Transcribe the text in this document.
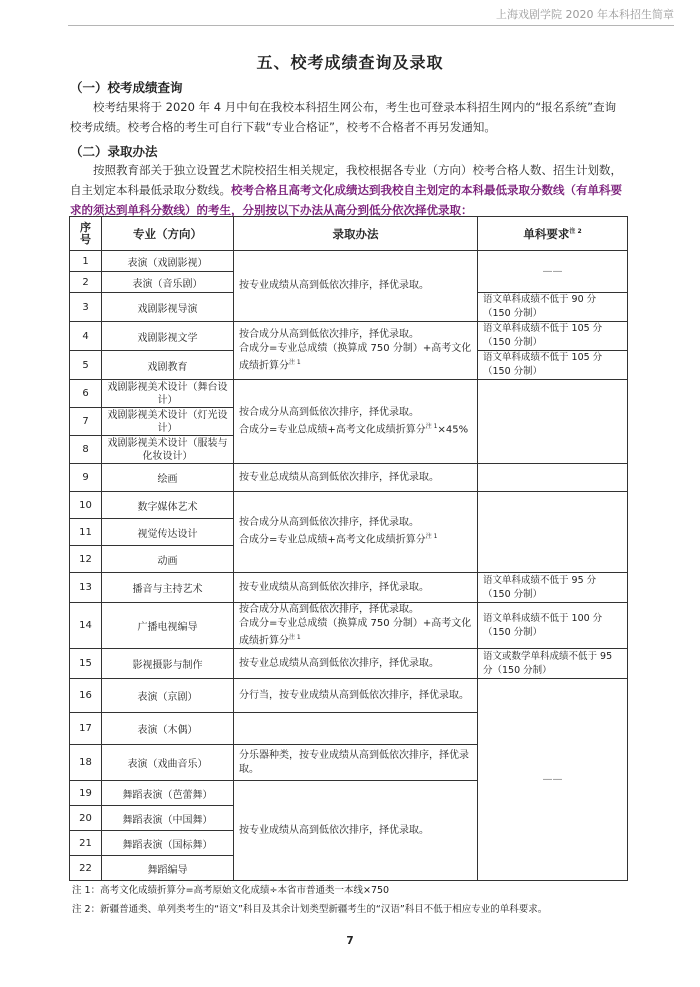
上海戏剧学院 2020 年本科招生简章
五、校考成绩查询及录取
（一）校考成绩查询
校考结果将于 2020 年 4 月中旬在我校本科招生网公布，考生也可登录本科招生网内的“报名系统”查询校考成绩。校考合格的考生可自行下载“专业合格证”，校考不合格者不再另发通知。
（二）录取办法
按照教育部关于独立设置艺术院校招生相关规定，我校根据各专业（方向）校考合格人数、招生计划数，自主划定本科最低录取分数线。校考合格且高考文化成绩达到我校自主划定的本科最低录取分数线（有单科要求的须达到单科分数线）的考生，分别按以下办法从高分到低分依次择优录取：
序号	专业（方向）	录取办法	单科要求$^{注 2}$
1	表演（戏剧影视）	按专业成绩从高到低依次排序，择优录取。	——
2	表演（音乐剧）		
3	戏剧影视导演		语文单科成绩不低于 90 分（150 分制）
4	戏剧影视文学	按合成分从高到低依次排序，择优录取。
合成分=专业总成绩（换算成 750 分制）+高考文化成绩折算分$^{注 1}$	语文单科成绩不低于 105 分（150 分制）
5	戏剧教育		语文单科成绩不低于 105 分（150 分制）
6	戏剧影视美术设计（舞台设计）	按合成分从高到低依次排序，择优录取。
合成分=专业总成绩+高考文化成绩折算分$^{注 1}$×45%	

7	戏剧影视美术设计（灯光设计）		
8	戏剧影视美术设计（服装与化妆设计）		
9	绘画	按专业总成绩从高到低依次排序，择优录取。	
10	数字媒体艺术	按合成分从高到低依次排序，择优录取。
合成分=专业总成绩+高考文化成绩折算分$^{注 1}$

11	视觉传达设计		
12	动画		
13	播音与主持艺术	按专业成绩从高到低依次排序，择优录取。	语文单科成绩不低于 95 分（150 分制）
14	广播电视编导	按合成分从高到低依次排序，择优录取。
合成分=专业总成绩（换算成 750 分制）+高考文化成绩折算分$^{注 1}$	语文单科成绩不低于 100 分（150 分制）
15	影视摄影与制作	按专业总成绩从高到低依次排序，择优录取。	语文或数学单科成绩不低于 95 分（150 分制）
16	表演（京剧）	分行当，按专业成绩从高到低依次排序，择优录取。	——
17	表演（木偶）		
18	表演（戏曲音乐）	分乐器种类，按专业成绩从高到低依次排序，择优录取。	
19	舞蹈表演（芭蕾舞）	按专业成绩从高到低依次排序，择优录取。	
20	舞蹈表演（中国舞）		
21	舞蹈表演（国标舞）		
22	舞蹈编导		
注 1：高考文化成绩折算分=高考原始文化成绩÷本省市普通类一本线×750
注 2：新疆普通类、单列类考生的“语文”科目及其余计划类型新疆考生的“汉语”科目不低于相应专业的单科要求。
7
